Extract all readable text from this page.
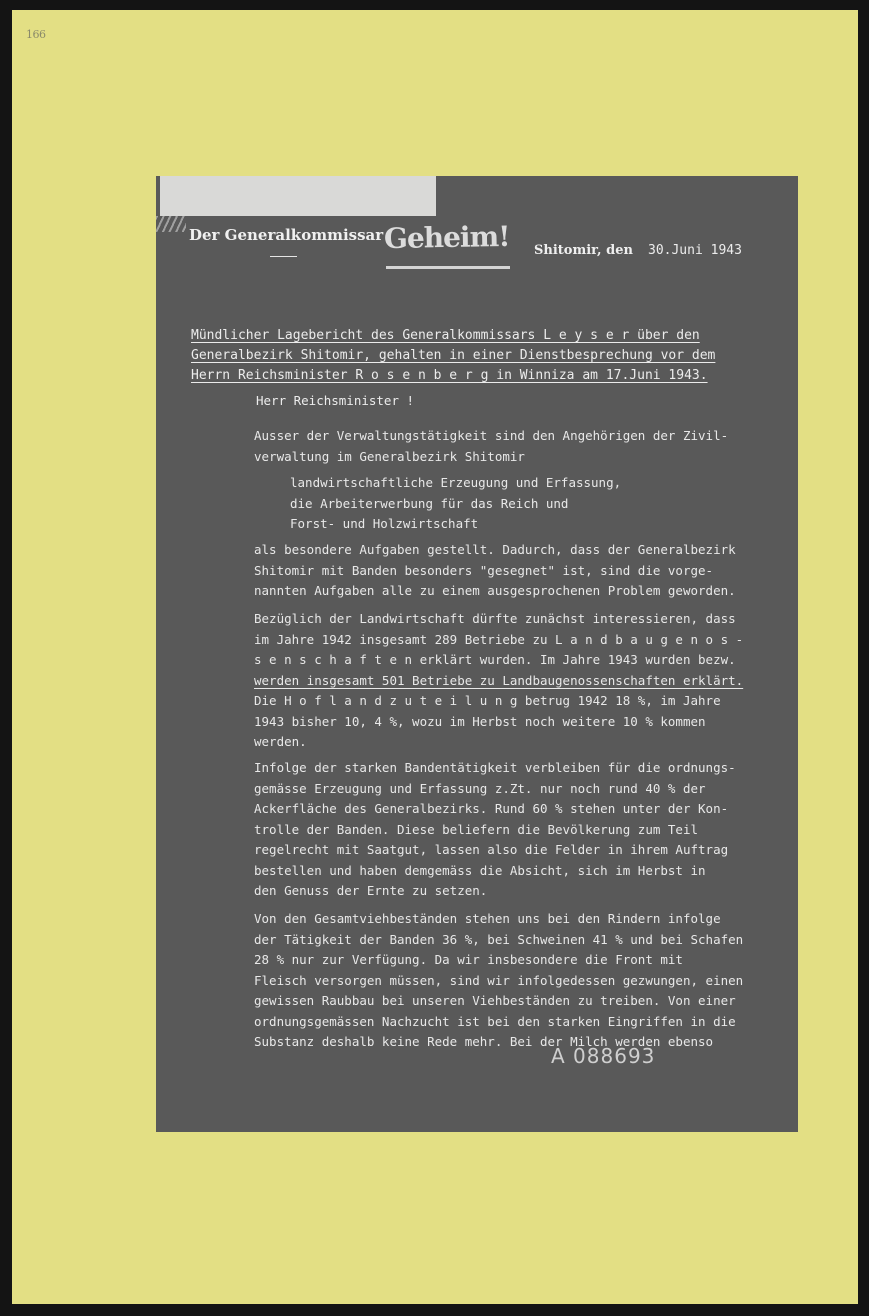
166
Der Generalkommissar Geheim! Shitomir, den 30.Juni 1943
Mündlicher Lagebericht des Generalkommissars L e y s e r über den
Generalbezirk Shitomir, gehalten in einer Dienstbesprechung vor dem
Herrn Reichsminister R o s e n b e r g in Winniza am 17.Juni 1943.
Herr Reichsminister !
Ausser der Verwaltungstätigkeit sind den Angehörigen der Zivil-
verwaltung im Generalbezirk Shitomir
landwirtschaftliche Erzeugung und Erfassung,
die Arbeiterwerbung für das Reich und
Forst- und Holzwirtschaft
als besondere Aufgaben gestellt. Dadurch, dass der Generalbezirk
Shitomir mit Banden besonders "gesegnet" ist, sind die vorge-
nannten Aufgaben alle zu einem ausgesprochenen Problem geworden.
Bezüglich der Landwirtschaft dürfte zunächst interessieren, dass
im Jahre 1942 insgesamt 289 Betriebe zu L a n d b a u g e n o s -
s e n s c h a f t e n erklärt wurden. Im Jahre 1943 wurden bezw.
werden insgesamt 501 Betriebe zu Landbaugenossenschaften erklärt.
Die H o f l a n d z u t e i l u n g betrug 1942 18 %, im Jahre
1943 bisher 10, 4 %, wozu im Herbst noch weitere 10 % kommen
werden.
Infolge der starken Bandentätigkeit verbleiben für die ordnungs-
gemässe Erzeugung und Erfassung z.Zt. nur noch rund 40 % der
Ackerfläche des Generalbezirks. Rund 60 % stehen unter der Kon-
trolle der Banden. Diese beliefern die Bevölkerung zum Teil
regelrecht mit Saatgut, lassen also die Felder in ihrem Auftrag
bestellen und haben demgemäss die Absicht, sich im Herbst in
den Genuss der Ernte zu setzen.
Von den Gesamtviehbeständen stehen uns bei den Rindern infolge
der Tätigkeit der Banden 36 %, bei Schweinen 41 % und bei Schafen
28 % nur zur Verfügung. Da wir insbesondere die Front mit
Fleisch versorgen müssen, sind wir infolgedessen gezwungen, einen
gewissen Raubbau bei unseren Viehbeständen zu treiben. Von einer
ordnungsgemässen Nachzucht ist bei den starken Eingriffen in die
Substanz deshalb keine Rede mehr. Bei der Milch werden ebenso
A 088693
